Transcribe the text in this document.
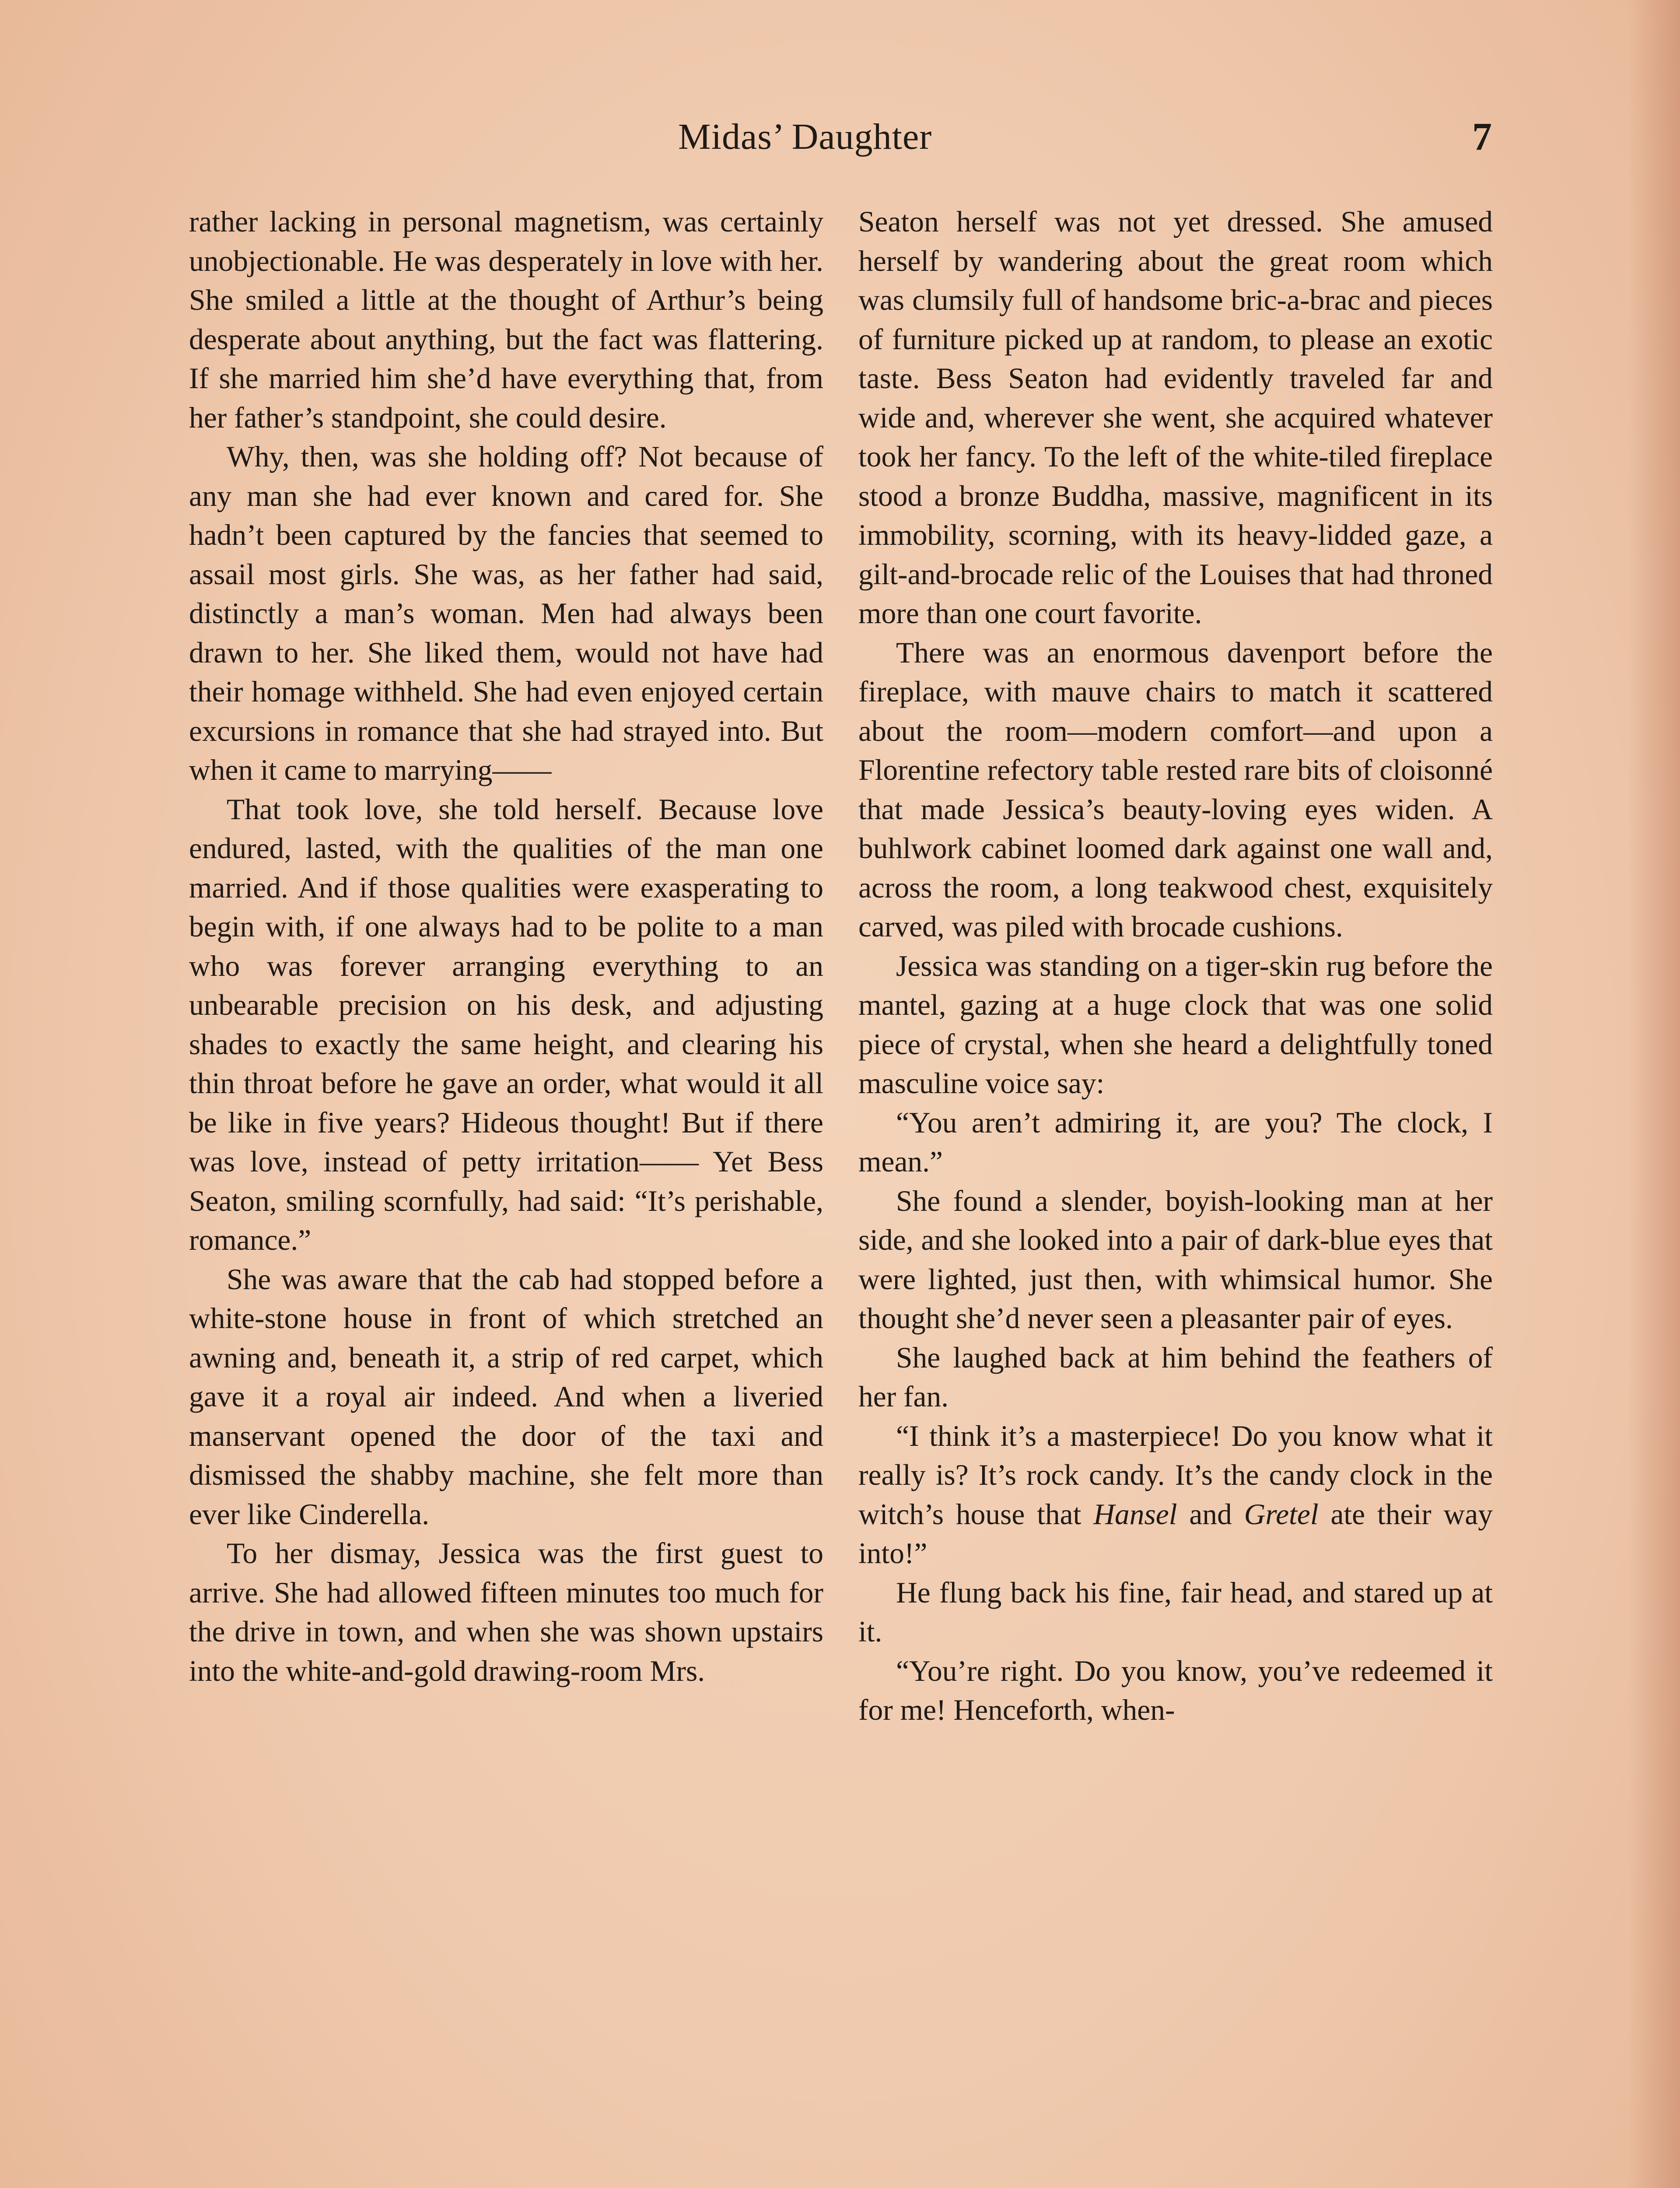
Midas’ Daughter	7

rather lacking in personal magnetism, was certainly unobjectionable. He was desperately in love with her. She smiled a little at the thought of Arthur’s being desperate about anything, but the fact was flattering. If she married him she’d have everything that, from her father’s standpoint, she could desire.

Why, then, was she holding off? Not because of any man she had ever known and cared for. She hadn’t been captured by the fancies that seemed to assail most girls. She was, as her father had said, distinctly a man’s woman. Men had always been drawn to her. She liked them, would not have had their homage withheld. She had even enjoyed certain excursions in romance that she had strayed into. But when it came to marrying——

That took love, she told herself. Because love endured, lasted, with the qualities of the man one married. And if those qualities were exasperating to begin with, if one always had to be polite to a man who was forever arranging everything to an unbearable precision on his desk, and adjusting shades to exactly the same height, and clearing his thin throat before he gave an order, what would it all be like in five years? Hideous thought! But if there was love, instead of petty irritation—— Yet Bess Seaton, smiling scornfully, had said: “It’s perishable, romance.”

She was aware that the cab had stopped before a white-stone house in front of which stretched an awning and, beneath it, a strip of red carpet, which gave it a royal air indeed. And when a liveried manservant opened the door of the taxi and dismissed the shabby machine, she felt more than ever like Cinderella.

To her dismay, Jessica was the first guest to arrive. She had allowed fifteen minutes too much for the drive in town, and when she was shown upstairs into the white-and-gold drawing-room Mrs.

Seaton herself was not yet dressed. She amused herself by wandering about the great room which was clumsily full of handsome bric-a-brac and pieces of furniture picked up at random, to please an exotic taste. Bess Seaton had evidently traveled far and wide and, wherever she went, she acquired whatever took her fancy. To the left of the white-tiled fireplace stood a bronze Buddha, massive, magnificent in its immobility, scorning, with its heavy-lidded gaze, a gilt-and-brocade relic of the Louises that had throned more than one court favorite.

There was an enormous davenport before the fireplace, with mauve chairs to match it scattered about the room—modern comfort—and upon a Florentine refectory table rested rare bits of cloisonné that made Jessica’s beauty-loving eyes widen. A buhlwork cabinet loomed dark against one wall and, across the room, a long teakwood chest, exquisitely carved, was piled with brocade cushions.

Jessica was standing on a tiger-skin rug before the mantel, gazing at a huge clock that was one solid piece of crystal, when she heard a delightfully toned masculine voice say:

“You aren’t admiring it, are you? The clock, I mean.”

She found a slender, boyish-looking man at her side, and she looked into a pair of dark-blue eyes that were lighted, just then, with whimsical humor. She thought she’d never seen a pleasanter pair of eyes.

She laughed back at him behind the feathers of her fan.

“I think it’s a masterpiece! Do you know what it really is? It’s rock candy. It’s the candy clock in the witch’s house that Hansel and Gretel ate their way into!”

He flung back his fine, fair head, and stared up at it.

“You’re right. Do you know, you’ve redeemed it for me! Henceforth, when-
